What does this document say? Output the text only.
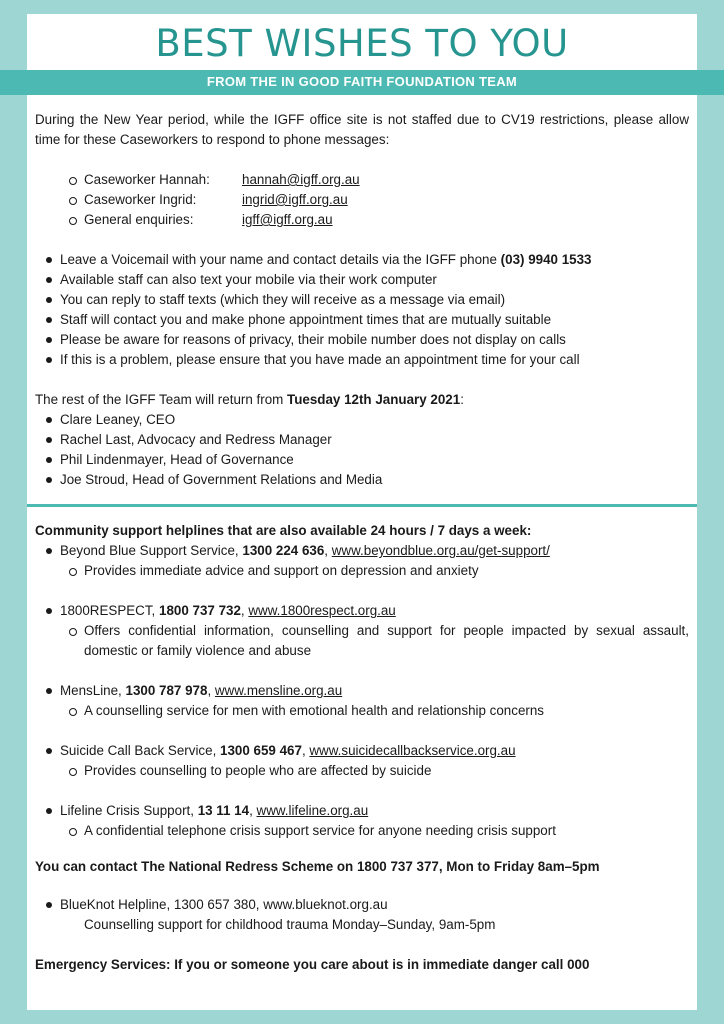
BEST WISHES TO YOU
FROM THE IN GOOD FAITH FOUNDATION TEAM

During the New Year period, while the IGFF office site is not staffed due to CV19 restrictions, please allow time for these Caseworkers to respond to phone messages:

Caseworker Hannah: hannah@igff.org.au
Caseworker Ingrid:	ingrid@igff.org.au
General enquiries:	igff@igff.org.au
Leave a Voicemail with your name and contact details via the IGFF phone (03) 9940 1533
Available staff can also text your mobile via their work computer
You can reply to staff texts (which they will receive as a message via email)
Staff will contact you and make phone appointment times that are mutually suitable
Please be aware for reasons of privacy, their mobile number does not display on calls
If this is a problem, please ensure that you have made an appointment time for your call

The rest of the IGFF Team will return from Tuesday 12th January 2021:

Clare Leaney, CEO
Rachel Last, Advocacy and Redress Manager
Phil Lindenmayer, Head of Governance
Joe Stroud, Head of Government Relations and Media

Community support helplines that are also available 24 hours / 7 days a week:

Beyond Blue Support Service, 1300 224 636, www.beyondblue.org.au/get-support/
Provides immediate advice and support on depression and anxiety
1800RESPECT, 1800 737 732, www.1800respect.org.au
Offers confidential information, counselling and support for people impacted by sexual assault, domestic or family violence and abuse
MensLine, 1300 787 978, www.mensline.org.au
A counselling service for men with emotional health and relationship concerns
Suicide Call Back Service, 1300 659 467, www.suicidecallbackservice.org.au
Provides counselling to people who are affected by suicide
Lifeline Crisis Support, 13 11 14, www.lifeline.org.au
A confidential telephone crisis support service for anyone needing crisis support

You can contact The National Redress Scheme on 1800 737 377, Mon to Friday 8am–5pm

BlueKnot Helpline, 1300 657 380, www.blueknot.org.au

Counselling support for childhood trauma Monday–Sunday, 9am-5pm

Emergency Services: If you or someone you care about is in immediate danger call 000
